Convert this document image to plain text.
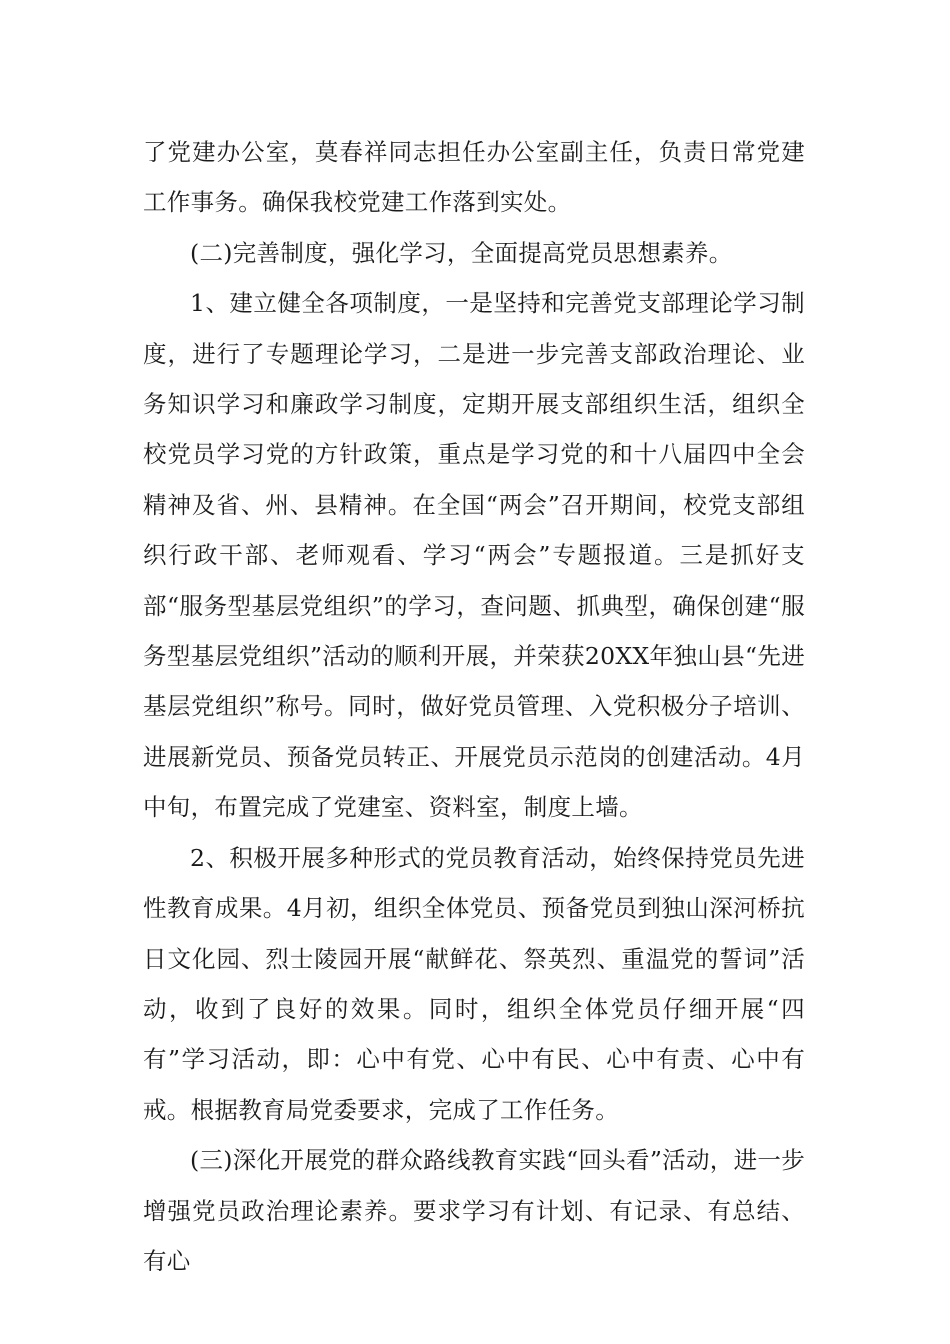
了党建办公室，莫春祥同志担任办公室副主任，负责日常党建工作事务。确保我校党建工作落到实处。

(二)完善制度，强化学习，全面提高党员思想素养。

1、建立健全各项制度，一是坚持和完善党支部理论学习制度，进行了专题理论学习，二是进一步完善支部政治理论、业务知识学习和廉政学习制度，定期开展支部组织生活，组织全校党员学习党的方针政策，重点是学习党的和十八届四中全会精神及省、州、县精神。在全国“两会”召开期间，校党支部组织行政干部、老师观看、学习“两会”专题报道。三是抓好支部“服务型基层党组织”的学习，查问题、抓典型，确保创建“服务型基层党组织”活动的顺利开展，并荣获20XX年独山县“先进基层党组织”称号。同时，做好党员管理、入党积极分子培训、进展新党员、预备党员转正、开展党员示范岗的创建活动。4月中旬，布置完成了党建室、资料室，制度上墙。

2、积极开展多种形式的党员教育活动，始终保持党员先进性教育成果。4月初，组织全体党员、预备党员到独山深河桥抗日文化园、烈士陵园开展“献鲜花、祭英烈、重温党的誓词”活动，收到了良好的效果。同时，组织全体党员仔细开展“四有”学习活动，即：心中有党、心中有民、心中有责、心中有戒。根据教育局党委要求，完成了工作任务。

(三)深化开展党的群众路线教育实践“回头看”活动，进一步增强党员政治理论素养。要求学习有计划、有记录、有总结、有心
